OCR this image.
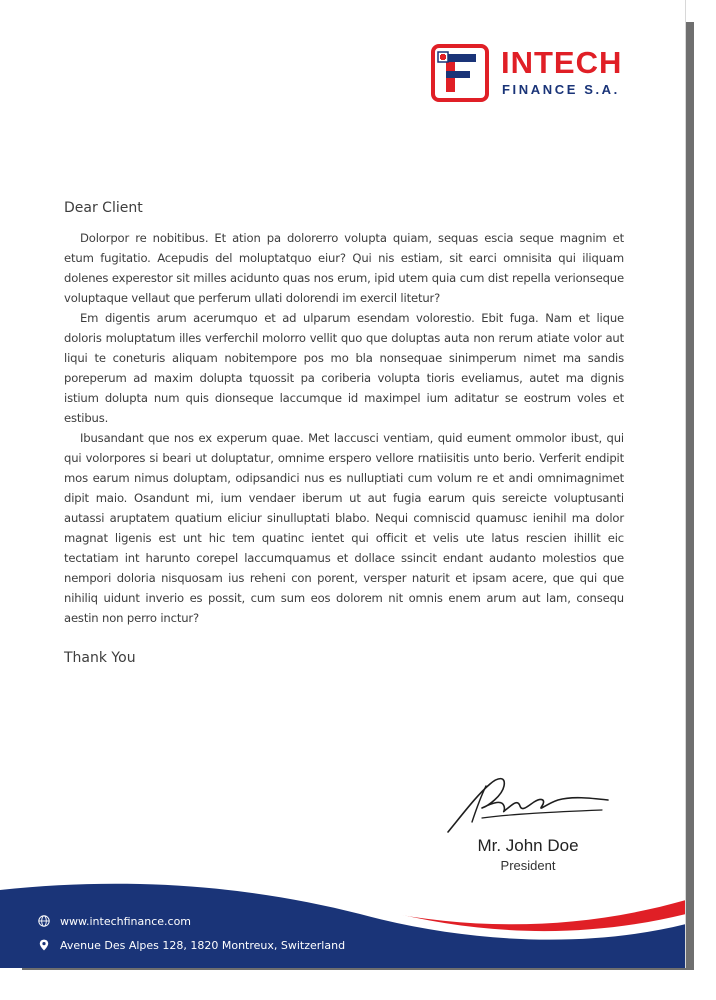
INTECH
FINANCE S.A.

Dear Client

Dolorpor re nobitibus. Et ation pa dolorerro volupta quiam, sequas escia seque magnim et etum fugitatio. Acepudis del moluptatquo eiur? Qui nis estiam, sit earci omnisita qui iliquam dolenes experestor sit milles acidunto quas nos erum, ipid utem quia cum dist repella verionseque voluptaque vellaut que perferum ullati dolorendi im exercil litetur?

Em digentis arum acerumquo et ad ulparum esendam volorestio. Ebit fuga. Nam et lique doloris moluptatum illes verferchil molorro vellit quo que doluptas auta non rerum atiate volor aut liqui te coneturis aliquam nobitempore pos mo bla nonsequae sinimperum nimet ma sandis poreperum ad maxim dolupta tquossit pa coriberia volupta tioris eveliamus, autet ma dignis istium dolupta num quis dionseque laccumque id maximpel ium aditatur se eostrum voles et estibus.

Ibusandant que nos ex experum quae. Met laccusci ventiam, quid eument ommolor ibust, qui qui volorpores si beari ut doluptatur, omnime erspero vellore rnatiisitis unto berio. Verferit endipit mos earum nimus doluptam, odipsandici nus es nulluptiati cum volum re et andi omnimagnimet dipit maio. Osandunt mi, ium vendaer iberum ut aut fugia earum quis sereicte voluptusanti autassi aruptatem quatium eliciur sinulluptati blabo. Nequi comniscid quamusc ienihil ma dolor magnat ligenis est unt hic tem quatinc ientet qui officit et velis ute latus rescien ihillit eic tectatiam int harunto corepel laccumquamus et dollace ssincit endant audanto molestios que nempori doloria nisquosam ius reheni con porent, versper naturit et ipsam acere, que qui que nihiliq uidunt inverio es possit, cum sum eos dolorem nit omnis enem arum aut lam, consequ aestin non perro inctur?

Thank You

Mr. John Doe
President
www.intechfinance.com
Avenue Des Alpes 128, 1820 Montreux, Switzerland
